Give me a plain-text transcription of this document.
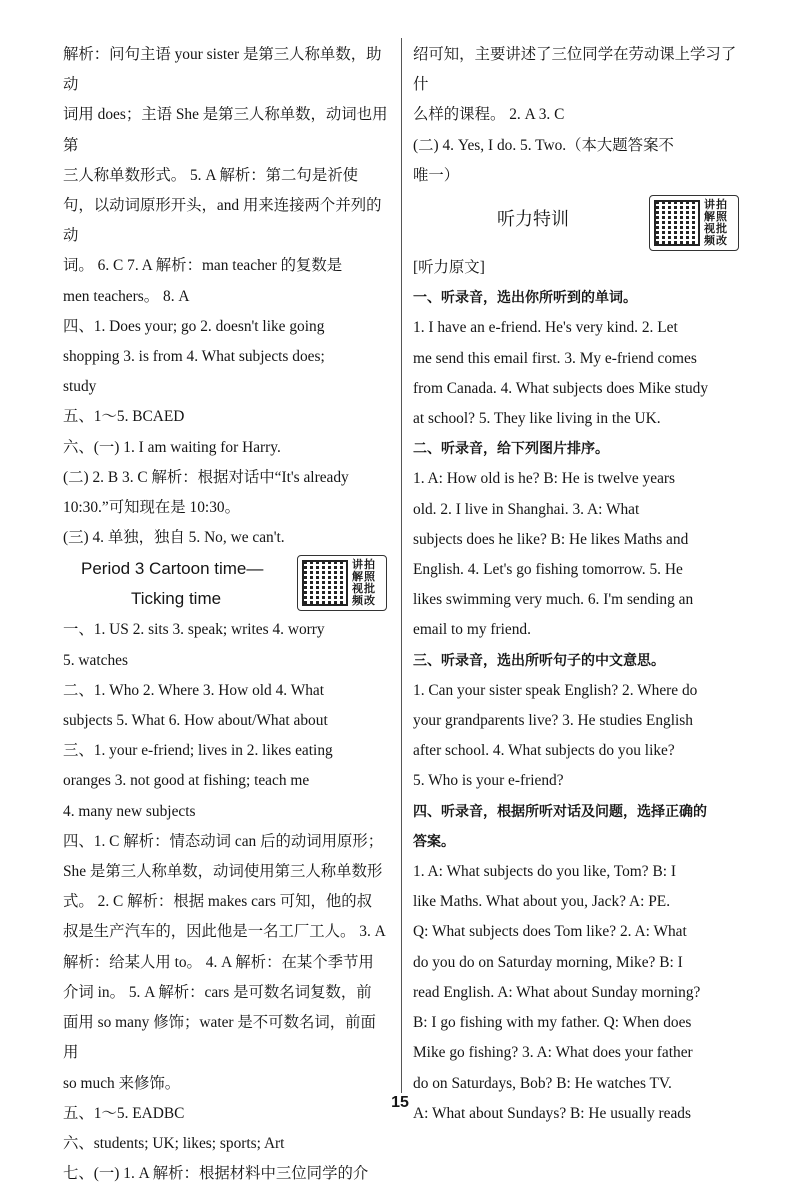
解析：问句主语 your sister 是第三人称单数，助动

词用 does；主语 She 是第三人称单数，动词也用第

三人称单数形式。 5. A 解析：第二句是祈使

句，以动词原形开头，and 用来连接两个并列的动

词。 6. C 7. A 解析：man teacher 的复数是

men teachers。 8. A

四、1. Does your; go 2. doesn't like going

shopping 3. is from 4. What subjects does;

study

五、1～5. BCAED

六、(一) 1. I am waiting for Harry.

(二) 2. B 3. C 解析：根据对话中“It's already

10:30.”可知现在是 10:30。

(三) 4. 单独，独自 5. No, we can't.

Period 3 Cartoon time—
Ticking time
讲拍解照视批频改

一、1. US 2. sits 3. speak; writes 4. worry

5. watches

二、1. Who 2. Where 3. How old 4. What

subjects 5. What 6. How about/What about

三、1. your e-friend; lives in 2. likes eating

oranges 3. not good at fishing; teach me

4. many new subjects

四、1. C 解析：情态动词 can 后的动词用原形；

She 是第三人称单数，动词使用第三人称单数形

式。 2. C 解析：根据 makes cars 可知，他的叔

叔是生产汽车的，因此他是一名工厂工人。 3. A

解析：给某人用 to。 4. A 解析：在某个季节用

介词 in。 5. A 解析：cars 是可数名词复数，前

面用 so many 修饰；water 是不可数名词，前面用

so much 来修饰。

五、1～5. EADBC

六、students; UK; likes; sports; Art

七、(一) 1. A 解析：根据材料中三位同学的介

绍可知，主要讲述了三位同学在劳动课上学习了什

么样的课程。 2. A 3. C

(二) 4. Yes, I do. 5. Two.（本大题答案不

唯一）

听力特训
讲拍解照视批频改

[听力原文]

一、听录音，选出你所听到的单词。

1. I have an e-friend. He's very kind. 2. Let

me send this email first. 3. My e-friend comes

from Canada. 4. What subjects does Mike study

at school? 5. They like living in the UK.

二、听录音，给下列图片排序。

1. A: How old is he? B: He is twelve years

old. 2. I live in Shanghai. 3. A: What

subjects does he like? B: He likes Maths and

English. 4. Let's go fishing tomorrow. 5. He

likes swimming very much. 6. I'm sending an

email to my friend.

三、听录音，选出所听句子的中文意思。

1. Can your sister speak English? 2. Where do

your grandparents live? 3. He studies English

after school. 4. What subjects do you like?

5. Who is your e-friend?

四、听录音，根据所听对话及问题，选择正确的

答案。

1. A: What subjects do you like, Tom? B: I

like Maths. What about you, Jack? A: PE.

Q: What subjects does Tom like? 2. A: What

do you do on Saturday morning, Mike? B: I

read English. A: What about Sunday morning?

B: I go fishing with my father. Q: When does

Mike go fishing? 3. A: What does your father

do on Saturdays, Bob? B: He watches TV.

A: What about Sundays? B: He usually reads

15
